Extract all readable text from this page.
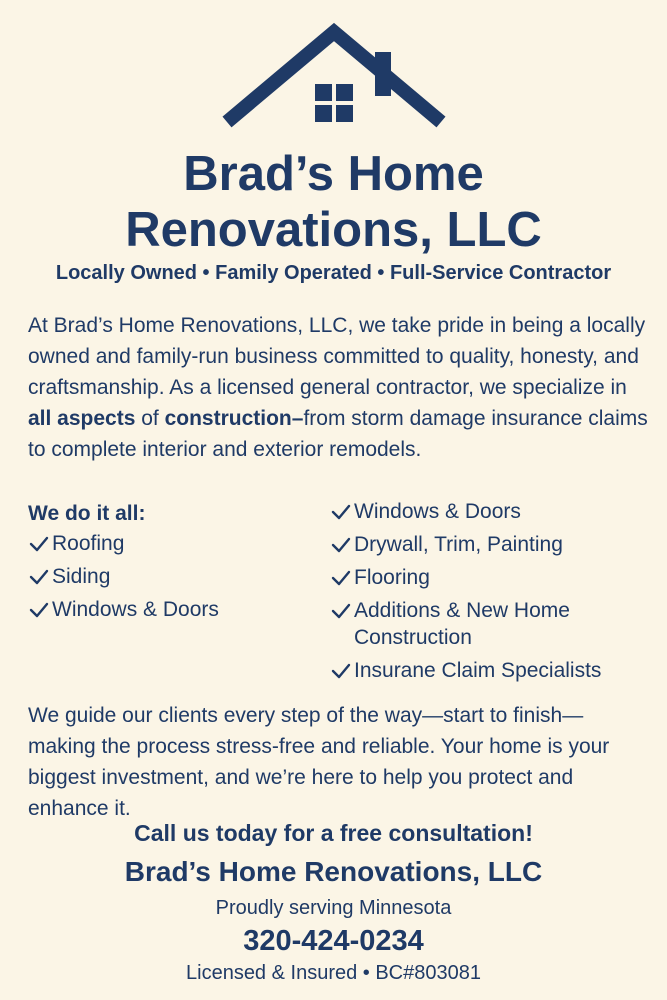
Brad’s Home
Renovations, LLC
Locally Owned • Family Operated • Full-Service Contractor
At Brad’s Home Renovations, LLC, we take pride in being a locally owned and family-run business committed to quality, honesty, and craftsmanship. As a licensed general contractor, we specialize in all aspects of construction–from storm damage insurance claims to complete interior and exterior remodels.
We do it all:
Roofing
Siding
Windows & Doors
Windows & Doors
Drywall, Trim, Painting
Flooring
Additions & New Home Construction
Insurane Claim Specialists
We guide our clients every step of the way—start to finish—making the process stress-free and reliable. Your home is your biggest investment, and we’re here to help you protect and enhance it.
Call us today for a free consultation!
Brad’s Home Renovations, LLC
Proudly serving Minnesota
320-424-0234
Licensed & Insured • BC#803081
